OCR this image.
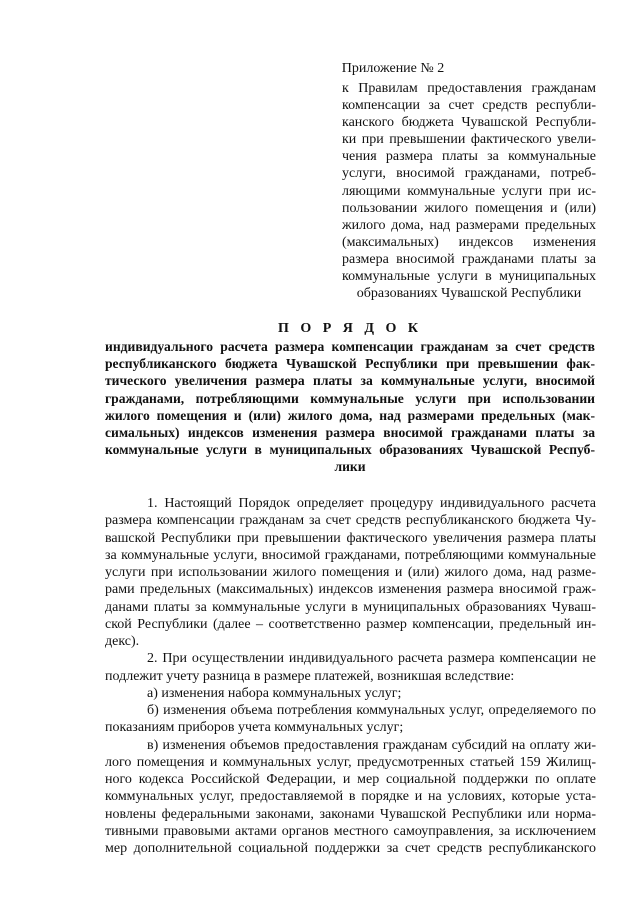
Приложение № 2
к Правилам предоставления гражданам
компенсации за счет средств республи-
канского бюджета Чувашской Республи-
ки при превышении фактического увели-
чения размера платы за коммунальные
услуги, вносимой гражданами, потреб-
ляющими коммунальные услуги при ис-
пользовании жилого помещения и (или)
жилого дома, над размерами предельных
(максимальных) индексов изменения
размера вносимой гражданами платы за
коммунальные услуги в муниципальных
образованиях Чувашской Республики
П О Р Я Д О К
индивидуального расчета размера компенсации гражданам за счет средств
республиканского бюджета Чувашской Республики при превышении фак-
тического увеличения размера платы за коммунальные услуги, вносимой
гражданами, потребляющими коммунальные услуги при использовании
жилого помещения и (или) жилого дома, над размерами предельных (мак-
симальных) индексов изменения размера вносимой гражданами платы за
коммунальные услуги в муниципальных образованиях Чувашской Респуб-
лики
1. Настоящий Порядок определяет процедуру индивидуального расчета
размера компенсации гражданам за счет средств республиканского бюджета Чу-
вашской Республики при превышении фактического увеличения размера платы
за коммунальные услуги, вносимой гражданами, потребляющими коммунальные
услуги при использовании жилого помещения и (или) жилого дома, над разме-
рами предельных (максимальных) индексов изменения размера вносимой граж-
данами платы за коммунальные услуги в муниципальных образованиях Чуваш-
ской Республики (далее – соответственно размер компенсации, предельный ин-
декс).
2. При осуществлении индивидуального расчета размера компенсации не
подлежит учету разница в размере платежей, возникшая вследствие:
а) изменения набора коммунальных услуг;
б) изменения объема потребления коммунальных услуг, определяемого по
показаниям приборов учета коммунальных услуг;
в) изменения объемов предоставления гражданам субсидий на оплату жи-
лого помещения и коммунальных услуг, предусмотренных статьей 159 Жилищ-
ного кодекса Российской Федерации, и мер социальной поддержки по оплате
коммунальных услуг, предоставляемой в порядке и на условиях, которые уста-
новлены федеральными законами, законами Чувашской Республики или норма-
тивными правовыми актами органов местного самоуправления, за исключением
мер дополнительной социальной поддержки за счет средств республиканского
